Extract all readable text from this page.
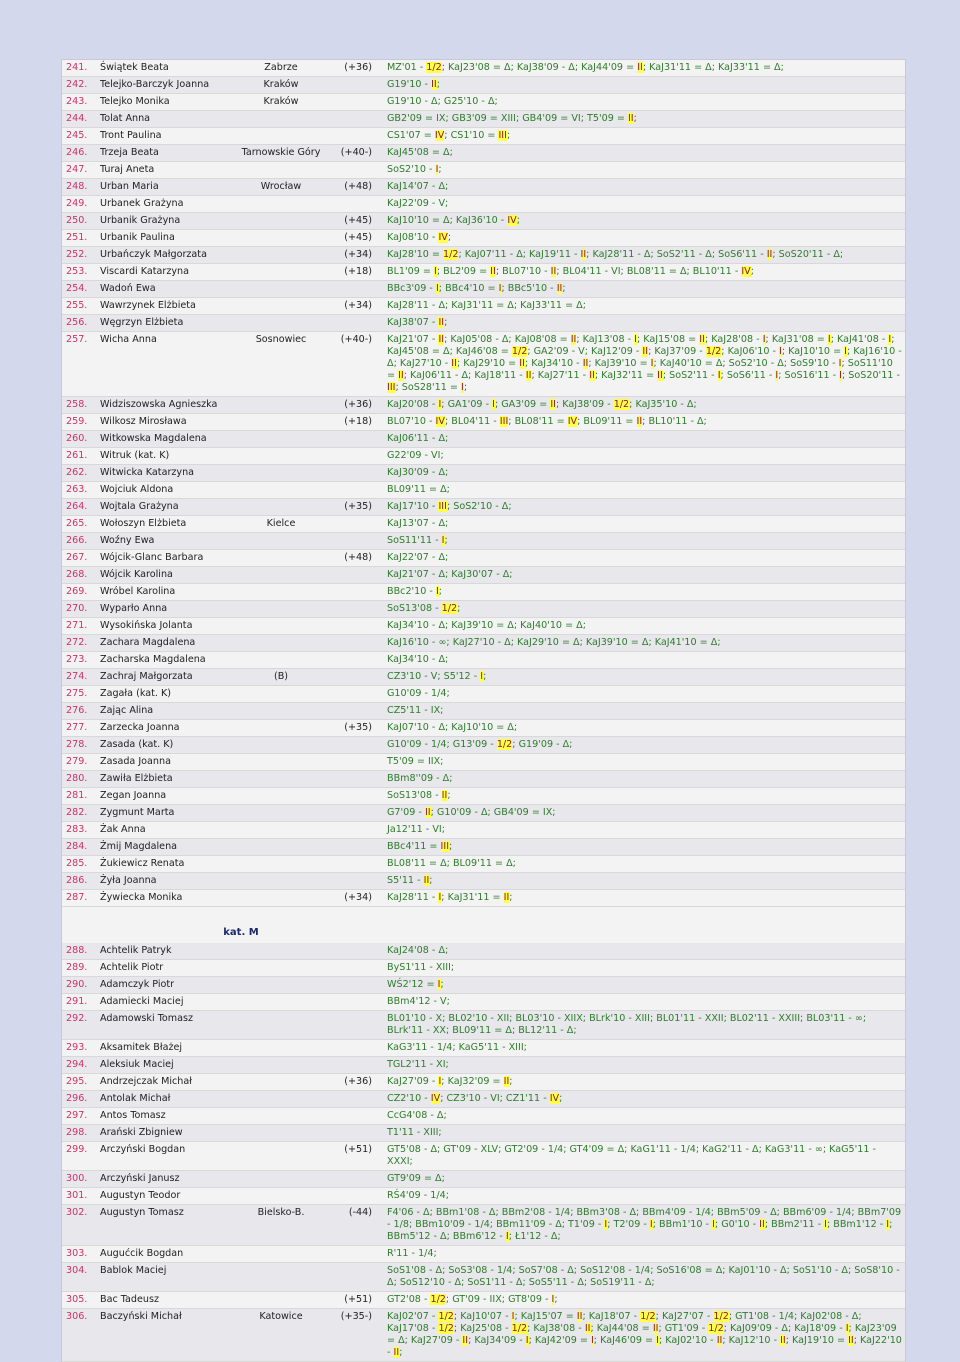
241.	Świątek Beata	Zabrze	(+36)	MZ'01 - 1/2; KaJ23'08 = Δ; KaJ38'09 - Δ; KaJ44'09 = II; KaJ31'11 = Δ; KaJ33'11 = Δ;
242.	Telejko-Barczyk Joanna	Kraków		G19'10 - II;
243.	Telejko Monika	Kraków		G19'10 - Δ; G25'10 - Δ;
244.	Tolat Anna			GB2'09 = IX; GB3'09 = XIII; GB4'09 = VI; T5'09 = II;
245.	Tront Paulina			CS1'07 = IV; CS1'10 = III;
246.	Trzeja Beata	Tarnowskie Góry	(+40-)	KaJ45'08 = Δ;
247.	Turaj Aneta			SoS2'10 - I;
248.	Urban Maria	Wrocław	(+48)	KaJ14'07 - Δ;
249.	Urbanek Grażyna			KaJ22'09 - V;
250.	Urbanik Grażyna		(+45)	KaJ10'10 = Δ; KaJ36'10 - IV;
251.	Urbanik Paulina		(+45)	KaJ08'10 - IV;
252.	Urbańczyk Małgorzata		(+34)	KaJ28'10 = 1/2; KaJ07'11 - Δ; KaJ19'11 - II; KaJ28'11 - Δ; SoS2'11 - Δ; SoS6'11 - II; SoS20'11 - Δ;
253.	Viscardi Katarzyna		(+18)	BL1'09 = I; BL2'09 = II; BL07'10 - II; BL04'11 - VI; BL08'11 = Δ; BL10'11 - IV;
254.	Wadoń Ewa			BBc3'09 - I; BBc4'10 = I; BBc5'10 - II;
255.	Wawrzynek Elżbieta		(+34)	KaJ28'11 - Δ; KaJ31'11 = Δ; KaJ33'11 = Δ;
256.	Węgrzyn Elżbieta			KaJ38'07 - II;
257.	Wicha Anna	Sosnowiec	(+40-)	KaJ21'07 - II; KaJ05'08 - Δ; KaJ08'08 = II; KaJ13'08 - I; KaJ15'08 = II; KaJ28'08 - I; KaJ31'08 = I; KaJ41'08 - I; KaJ45'08 = Δ; KaJ46'08 = 1/2; GA2'09 - V; KaJ12'09 - II; KaJ37'09 - 1/2; KaJ06'10 - I; KaJ10'10 = I; KaJ16'10 - Δ; KaJ27'10 - II; KaJ29'10 = II; KaJ34'10 - II; KaJ39'10 = I; KaJ40'10 = Δ; SoS2'10 - Δ; SoS9'10 - I; SoS11'10 = II; KaJ06'11 - Δ; KaJ18'11 - II; KaJ27'11 - II; KaJ32'11 = II; SoS2'11 - I; SoS6'11 - I; SoS16'11 - I; SoS20'11 - III; SoS28'11 = I;
258.	Widziszowska Agnieszka		(+36)	KaJ20'08 - I; GA1'09 - I; GA3'09 = II; KaJ38'09 - 1/2; KaJ35'10 - Δ;
259.	Wilkosz Mirosława		(+18)	BL07'10 - IV; BL04'11 - III; BL08'11 = IV; BL09'11 = II; BL10'11 - Δ;
260.	Witkowska Magdalena			KaJ06'11 - Δ;
261.	Witruk (kat. K)			G22'09 - VI;
262.	Witwicka Katarzyna			KaJ30'09 - Δ;
263.	Wojciuk Aldona			BL09'11 = Δ;
264.	Wojtala Grażyna		(+35)	KaJ17'10 - III; SoS2'10 - Δ;
265.	Wołoszyn Elżbieta	Kielce		KaJ13'07 - Δ;
266.	Woźny Ewa			SoS11'11 - I;
267.	Wójcik-Glanc Barbara		(+48)	KaJ22'07 - Δ;
268.	Wójcik Karolina			KaJ21'07 - Δ; KaJ30'07 - Δ;
269.	Wróbel Karolina			BBc2'10 - I;
270.	Wyparło Anna			SoS13'08 - 1/2;
271.	Wysokińska Jolanta			KaJ34'10 - Δ; KaJ39'10 = Δ; KaJ40'10 = Δ;
272.	Zachara Magdalena			KaJ16'10 - ∞; KaJ27'10 - Δ; KaJ29'10 = Δ; KaJ39'10 = Δ; KaJ41'10 = Δ;
273.	Zacharska Magdalena			KaJ34'10 - Δ;
274.	Zachraj Małgorzata	(B)		CZ3'10 - V; S5'12 - I;
275.	Zagała (kat. K)			G10'09 - 1/4;
276.	Zając Alina			CZ5'11 - IX;
277.	Zarzecka Joanna		(+35)	KaJ07'10 - Δ; KaJ10'10 = Δ;
278.	Zasada (kat. K)			G10'09 - 1/4; G13'09 - 1/2; G19'09 - Δ;
279.	Zasada Joanna			T5'09 = IIX;
280.	Zawiła Elżbieta			BBm8''09 - Δ;
281.	Zegan Joanna			SoS13'08 - II;
282.	Zygmunt Marta			G7'09 - II; G10'09 - Δ; GB4'09 = IX;
283.	Żak Anna			Ja12'11 - VI;
284.	Żmij Magdalena			BBc4'11 = III;
285.	Żukiewicz Renata			BL08'11 = Δ; BL09'11 = Δ;
286.	Żyła Joanna			S5'11 - II;
287.	Żywiecka Monika		(+34)	KaJ28'11 - I; KaJ31'11 = II;

	kat. M			
288.	Achtelik Patryk			KaJ24'08 - Δ;
289.	Achtelik Piotr			ByS1'11 - XIII;
290.	Adamczyk Piotr			WŚ2'12 = I;
291.	Adamiecki Maciej			BBm4'12 - V;
292.	Adamowski Tomasz			BL01'10 - X; BL02'10 - XII; BL03'10 - XIIX; BLrk'10 - XIII; BL01'11 - XXII; BL02'11 - XXIII; BL03'11 - ∞; BLrk'11 - XX; BL09'11 = Δ; BL12'11 - Δ;
293.	Aksamitek Błażej			KaG3'11 - 1/4; KaG5'11 - XIII;
294.	Aleksiuk Maciej			TGL2'11 - XI;
295.	Andrzejczak Michał		(+36)	KaJ27'09 - I; KaJ32'09 = II;
296.	Antolak Michał			CZ2'10 - IV; CZ3'10 - VI; CZ1'11 - IV;
297.	Antos Tomasz			CcG4'08 - Δ;
298.	Arański Zbigniew			T1'11 - XIII;
299.	Arczyński Bogdan		(+51)	GT5'08 - Δ; GT'09 - XLV; GT2'09 - 1/4; GT4'09 = Δ; KaG1'11 - 1/4; KaG2'11 - Δ; KaG3'11 - ∞; KaG5'11 - XXXI;
300.	Arczyński Janusz			GT9'09 = Δ;
301.	Augustyn Teodor			RŚ4'09 - 1/4;
302.	Augustyn Tomasz	Bielsko-B.	(-44)	F4'06 - Δ; BBm1'08 - Δ; BBm2'08 - 1/4; BBm3'08 - Δ; BBm4'09 - 1/4; BBm5'09 - Δ; BBm6'09 - 1/4; BBm7'09 - 1/8; BBm10'09 - 1/4; BBm11'09 - Δ; T1'09 - I; T2'09 - I; BBm1'10 - I; G0'10 - II; BBm2'11 - I; BBm1'12 - I; BBm5'12 - Δ; BBm6'12 - I; Ł1'12 - Δ;
303.	Augućcik Bogdan			R'11 - 1/4;
304.	Bablok Maciej			SoS1'08 - Δ; SoS3'08 - 1/4; SoS7'08 - Δ; SoS12'08 - 1/4; SoS16'08 = Δ; KaJ01'10 - Δ; SoS1'10 - Δ; SoS8'10 - Δ; SoS12'10 - Δ; SoS1'11 - Δ; SoS5'11 - Δ; SoS19'11 - Δ;
305.	Bac Tadeusz		(+51)	GT2'08 - 1/2; GT'09 - IIX; GT8'09 - I;
306.	Baczyński Michał	Katowice	(+35-)	KaJ02'07 - 1/2; KaJ10'07 - I; KaJ15'07 = II; KaJ18'07 - 1/2; KaJ27'07 - 1/2; GT1'08 - 1/4; KaJ02'08 - Δ; KaJ17'08 - 1/2; KaJ25'08 - 1/2; KaJ38'08 - II; KaJ44'08 = II; GT1'09 - 1/2; KaJ09'09 - Δ; KaJ18'09 - I; KaJ23'09 = Δ; KaJ27'09 - II; KaJ34'09 - I; KaJ42'09 = I; KaJ46'09 = I; KaJ02'10 - II; KaJ12'10 - II; KaJ19'10 = II; KaJ22'10 - II;
